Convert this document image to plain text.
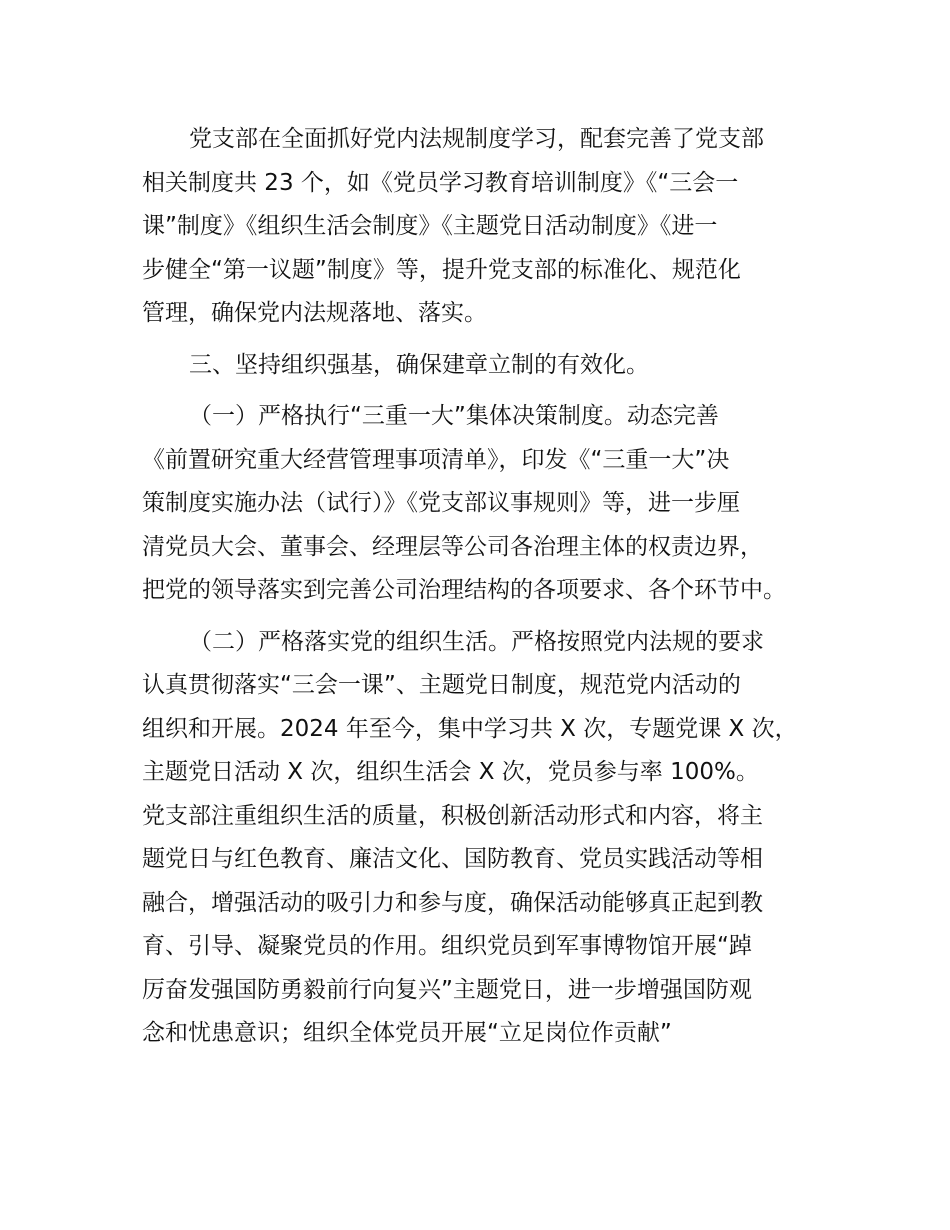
党支部在全面抓好党内法规制度学习，配套完善了党支部
相关制度共 23 个，如《党员学习教育培训制度》《“三会一
课”制度》《组织生活会制度》《主题党日活动制度》《进一
步健全“第一议题”制度》等，提升党支部的标准化、规范化
管理，确保党内法规落地、落实。
三、坚持组织强基，确保建章立制的有效化。
（一）严格执行“三重一大”集体决策制度。动态完善
《前置研究重大经营管理事项清单》，印发《“三重一大”决
策制度实施办法（试行）》《党支部议事规则》等，进一步厘
清党员大会、董事会、经理层等公司各治理主体的权责边界，
把党的领导落实到完善公司治理结构的各项要求、各个环节中。
（二）严格落实党的组织生活。严格按照党内法规的要求
认真贯彻落实“三会一课”、主题党日制度，规范党内活动的
组织和开展。2024 年至今，集中学习共 X 次，专题党课 X 次，
主题党日活动 X 次，组织生活会 X 次，党员参与率 100%。
党支部注重组织生活的质量，积极创新活动形式和内容，将主
题党日与红色教育、廉洁文化、国防教育、党员实践活动等相
融合，增强活动的吸引力和参与度，确保活动能够真正起到教
育、引导、凝聚党员的作用。组织党员到军事博物馆开展“踔
厉奋发强国防勇毅前行向复兴”主题党日，进一步增强国防观
念和忧患意识；组织全体党员开展“立足岗位作贡献”
